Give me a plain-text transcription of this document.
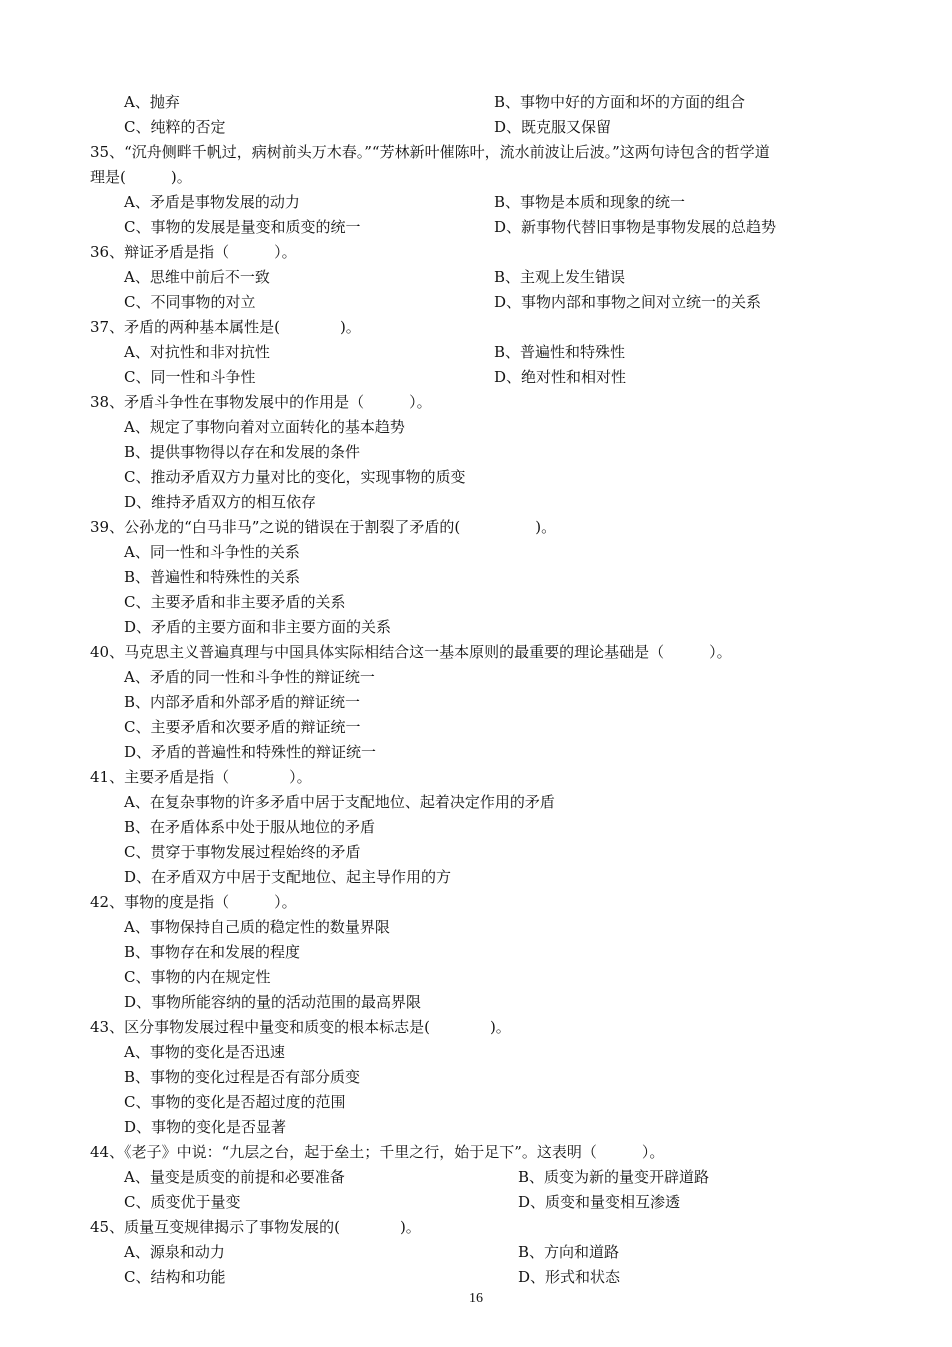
A、抛弃	B、事物中好的方面和坏的方面的组合
C、纯粹的否定	D、既克服又保留
35、“沉舟侧畔千帆过，病树前头万木春。”“芳林新叶催陈叶，流水前波让后波。”这两句诗包含的哲学道
理是(　　　)。
A、矛盾是事物发展的动力	B、事物是本质和现象的统一
C、事物的发展是量变和质变的统一	D、新事物代替旧事物是事物发展的总趋势
36、辩证矛盾是指（　　　）。
A、思维中前后不一致	B、主观上发生错误
C、不同事物的对立	D、事物内部和事物之间对立统一的关系
37、矛盾的两种基本属性是(　　　　)。
A、对抗性和非对抗性	B、普遍性和特殊性
C、同一性和斗争性	D、绝对性和相对性
38、矛盾斗争性在事物发展中的作用是（　　　）。
A、规定了事物向着对立面转化的基本趋势
B、提供事物得以存在和发展的条件
C、推动矛盾双方力量对比的变化，实现事物的质变
D、维持矛盾双方的相互依存
39、公孙龙的“白马非马”之说的错误在于割裂了矛盾的(　　　　　)。
A、同一性和斗争性的关系
B、普遍性和特殊性的关系
C、主要矛盾和非主要矛盾的关系
D、矛盾的主要方面和非主要方面的关系
40、马克思主义普遍真理与中国具体实际相结合这一基本原则的最重要的理论基础是（　　　）。
A、矛盾的同一性和斗争性的辩证统一
B、内部矛盾和外部矛盾的辩证统一
C、主要矛盾和次要矛盾的辩证统一
D、矛盾的普遍性和特殊性的辩证统一
41、主要矛盾是指（　　　　）。
A、在复杂事物的许多矛盾中居于支配地位、起着决定作用的矛盾
B、在矛盾体系中处于服从地位的矛盾
C、贯穿于事物发展过程始终的矛盾
D、在矛盾双方中居于支配地位、起主导作用的方
42、事物的度是指（　　　）。
A、事物保持自己质的稳定性的数量界限
B、事物存在和发展的程度
C、事物的内在规定性
D、事物所能容纳的量的活动范围的最高界限
43、区分事物发展过程中量变和质变的根本标志是(　　　　)。
A、事物的变化是否迅速
B、事物的变化过程是否有部分质变
C、事物的变化是否超过度的范围
D、事物的变化是否显著
44、《老子》中说：“九层之台，起于垒土；千里之行，始于足下”。这表明（　　　）。
A、量变是质变的前提和必要准备	B、质变为新的量变开辟道路
C、质变优于量变	D、质变和量变相互渗透
45、质量互变规律揭示了事物发展的(　　　　)。
A、源泉和动力	B、方向和道路
C、结构和功能	D、形式和状态
16
